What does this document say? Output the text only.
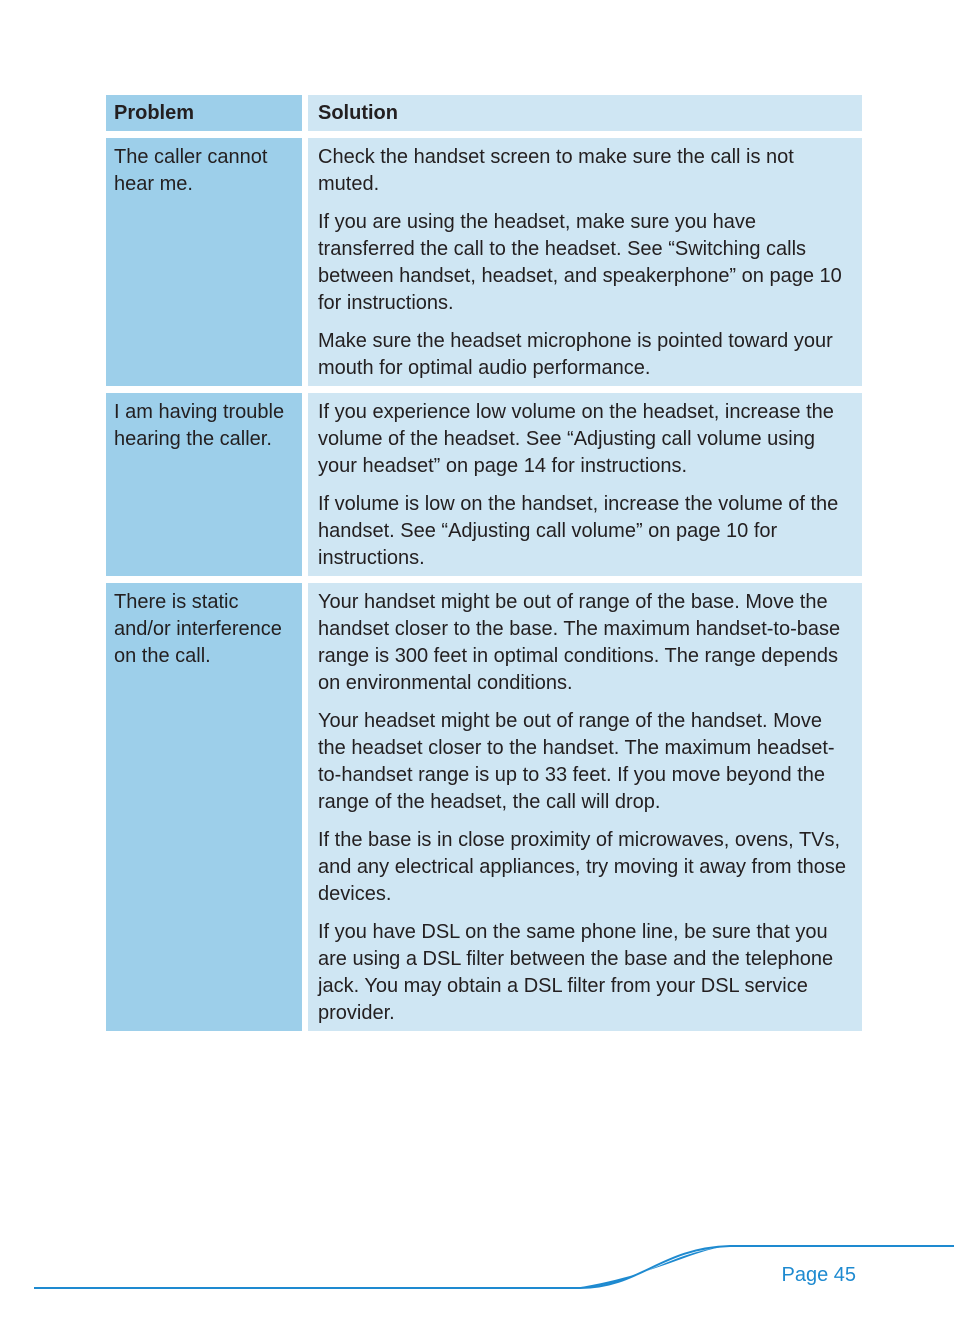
Problem	Solution
The caller cannot hear me.

Check the handset screen to make sure the call is not muted.

If you are using the headset, make sure you have transferred the call to the headset. See “Switching calls between handset, headset, and speakerphone” on page 10 for instructions.

Make sure the headset microphone is pointed toward your mouth for optimal audio performance.

I am having trouble hearing the caller.

If you experience low volume on the headset, increase the volume of the headset. See “Adjusting call volume using your headset” on page 14 for instructions.

If volume is low on the handset, increase the volume of the handset. See “Adjusting call volume” on page 10 for instructions.

There is static and/or interference on the call.

Your handset might be out of range of the base. Move the handset closer to the base. The maximum handset-to-base range is 300 feet in optimal conditions. The range depends on environmental conditions.

Your headset might be out of range of the handset. Move the headset closer to the handset. The maximum headset-to-handset range is up to 33 feet. If you move beyond the range of the headset, the call will drop.

If the base is in close proximity of microwaves, ovens, TVs, and any electrical appliances, try moving it away from those devices.

If you have DSL on the same phone line, be sure that you are using a DSL filter between the base and the telephone jack. You may obtain a DSL filter from your DSL service provider.

Page 45
